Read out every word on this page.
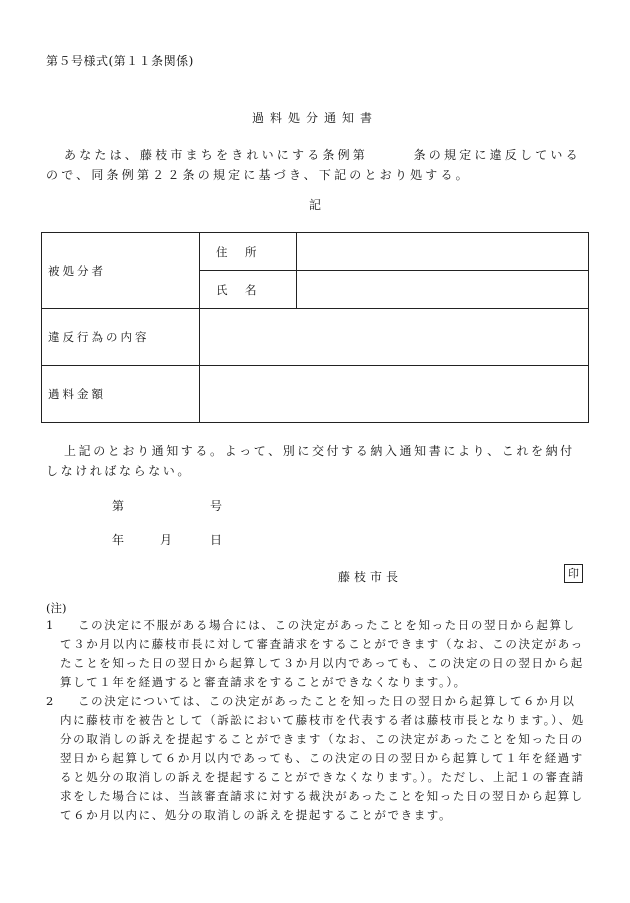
第５号様式(第１１条関係)
過料処分通知書
あなたは、藤枝市まちをきれいにする条例第　　　条の規定に違反しているので、同条例第２２条の規定に基づき、下記のとおり処する。
記
被処分者	住　所	
	氏　名	
違反行為の内容		
過料金額		
上記のとおり通知する。よって、別に交付する納入通知書により、これを納付しなければならない。
第	号
年	月	日
藤枝市長	印
(注)
1	この決定に不服がある場合には、この決定があったことを知った日の翌日から起算して３か月以内に藤枝市長に対して審査請求をすることができます（なお、この決定があったことを知った日の翌日から起算して３か月以内であっても、この決定の日の翌日から起算して１年を経過すると審査請求をすることができなくなります。）。
2	この決定については、この決定があったことを知った日の翌日から起算して６か月以内に藤枝市を被告として（訴訟において藤枝市を代表する者は藤枝市長となります。）、処分の取消しの訴えを提起することができます（なお、この決定があったことを知った日の翌日から起算して６か月以内であっても、この決定の日の翌日から起算して１年を経過すると処分の取消しの訴えを提起することができなくなります。）。ただし、上記１の審査請求をした場合には、当該審査請求に対する裁決があったことを知った日の翌日から起算して６か月以内に、処分の取消しの訴えを提起することができます。
